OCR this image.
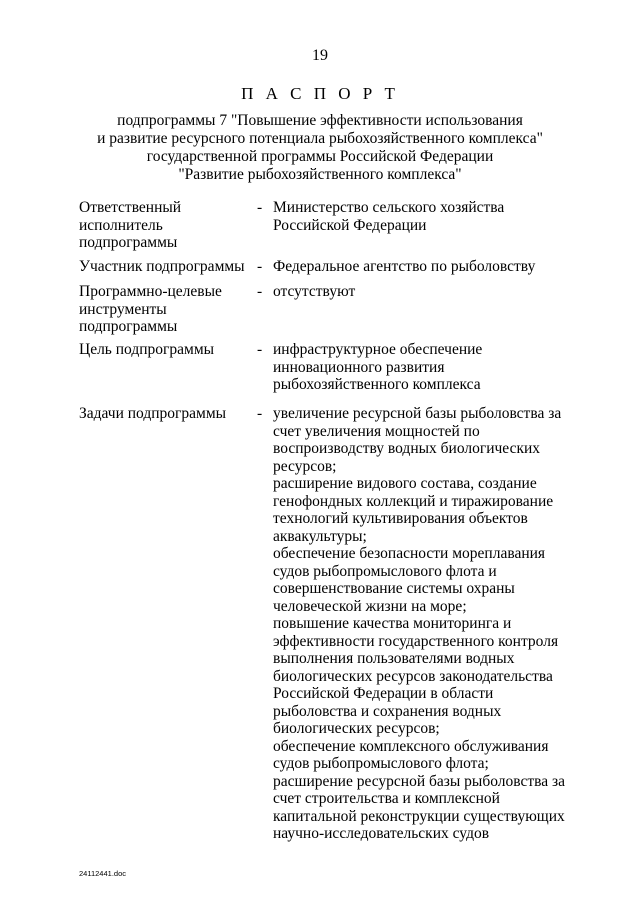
19
П А С П О Р Т
подпрограммы 7 "Повышение эффективности использования
и развитие ресурсного потенциала рыбохозяйственного комплекса"
государственной программы Российской Федерации
"Развитие рыбохозяйственного комплекса"
Ответственный
исполнитель
подпрограммы
- Министерство сельского хозяйства
Российской Федерации
Участник подпрограммы - Федеральное агентство по рыболовству
Программно-целевые
инструменты
подпрограммы
- отсутствуют
Цель подпрограммы	- инфраструктурное обеспечение
инновационного развития
рыбохозяйственного комплекса
Задачи подпрограммы	- увеличение ресурсной базы рыболовства за
счет увеличения мощностей по
воспроизводству водных биологических
ресурсов;
расширение видового состава, создание
генофондных коллекций и тиражирование
технологий культивирования объектов
аквакультуры;
обеспечение безопасности мореплавания
судов рыбопромыслового флота и
совершенствование системы охраны
человеческой жизни на море;
повышение качества мониторинга и
эффективности государственного контроля
выполнения пользователями водных
биологических ресурсов законодательства
Российской Федерации в области
рыболовства и сохранения водных
биологических ресурсов;
обеспечение комплексного обслуживания
судов рыбопромыслового флота;
расширение ресурсной базы рыболовства за
счет строительства и комплексной
капитальной реконструкции существующих
научно-исследовательских судов
24112441.doc
